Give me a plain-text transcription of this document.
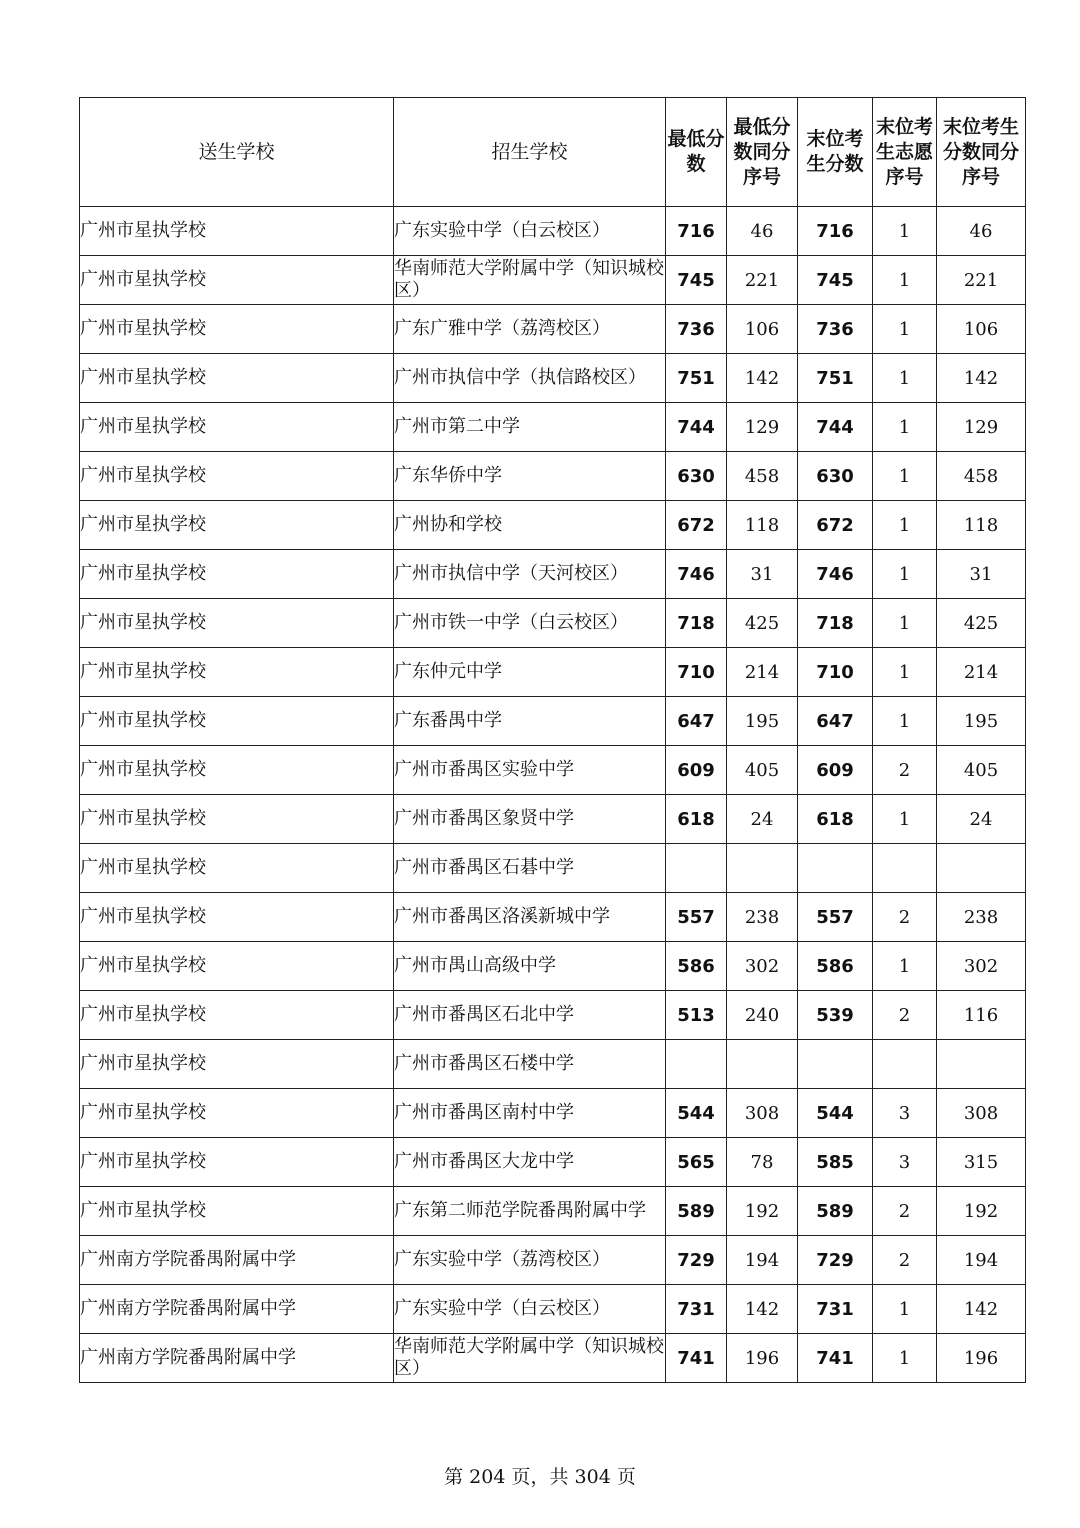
送生学校	招生学校	最低分数	最低分数同分序号	末位考生分数	末位考生志愿序号	末位考生分数同分序号
广州市星执学校	广东实验中学（白云校区）	716	46	716	1	46
广州市星执学校	华南师范大学附属中学（知识城校区）	745	221	745	1	221
广州市星执学校	广东广雅中学（荔湾校区）	736	106	736	1	106
广州市星执学校	广州市执信中学（执信路校区）	751	142	751	1	142
广州市星执学校	广州市第二中学	744	129	744	1	129
广州市星执学校	广东华侨中学	630	458	630	1	458
广州市星执学校	广州协和学校	672	118	672	1	118
广州市星执学校	广州市执信中学（天河校区）	746	31	746	1	31
广州市星执学校	广州市铁一中学（白云校区）	718	425	718	1	425
广州市星执学校	广东仲元中学	710	214	710	1	214
广州市星执学校	广东番禺中学	647	195	647	1	195
广州市星执学校	广州市番禺区实验中学	609	405	609	2	405
广州市星执学校	广州市番禺区象贤中学	618	24	618	1	24
广州市星执学校	广州市番禺区石碁中学					
广州市星执学校	广州市番禺区洛溪新城中学	557	238	557	2	238
广州市星执学校	广州市禺山高级中学	586	302	586	1	302
广州市星执学校	广州市番禺区石北中学	513	240	539	2	116
广州市星执学校	广州市番禺区石楼中学					
广州市星执学校	广州市番禺区南村中学	544	308	544	3	308
广州市星执学校	广州市番禺区大龙中学	565	78	585	3	315
广州市星执学校	广东第二师范学院番禺附属中学	589	192	589	2	192
广州南方学院番禺附属中学	广东实验中学（荔湾校区）	729	194	729	2	194
广州南方学院番禺附属中学	广东实验中学（白云校区）	731	142	731	1	142
广州南方学院番禺附属中学	华南师范大学附属中学（知识城校区）	741	196	741	1	196
第 204 页，共 304 页
